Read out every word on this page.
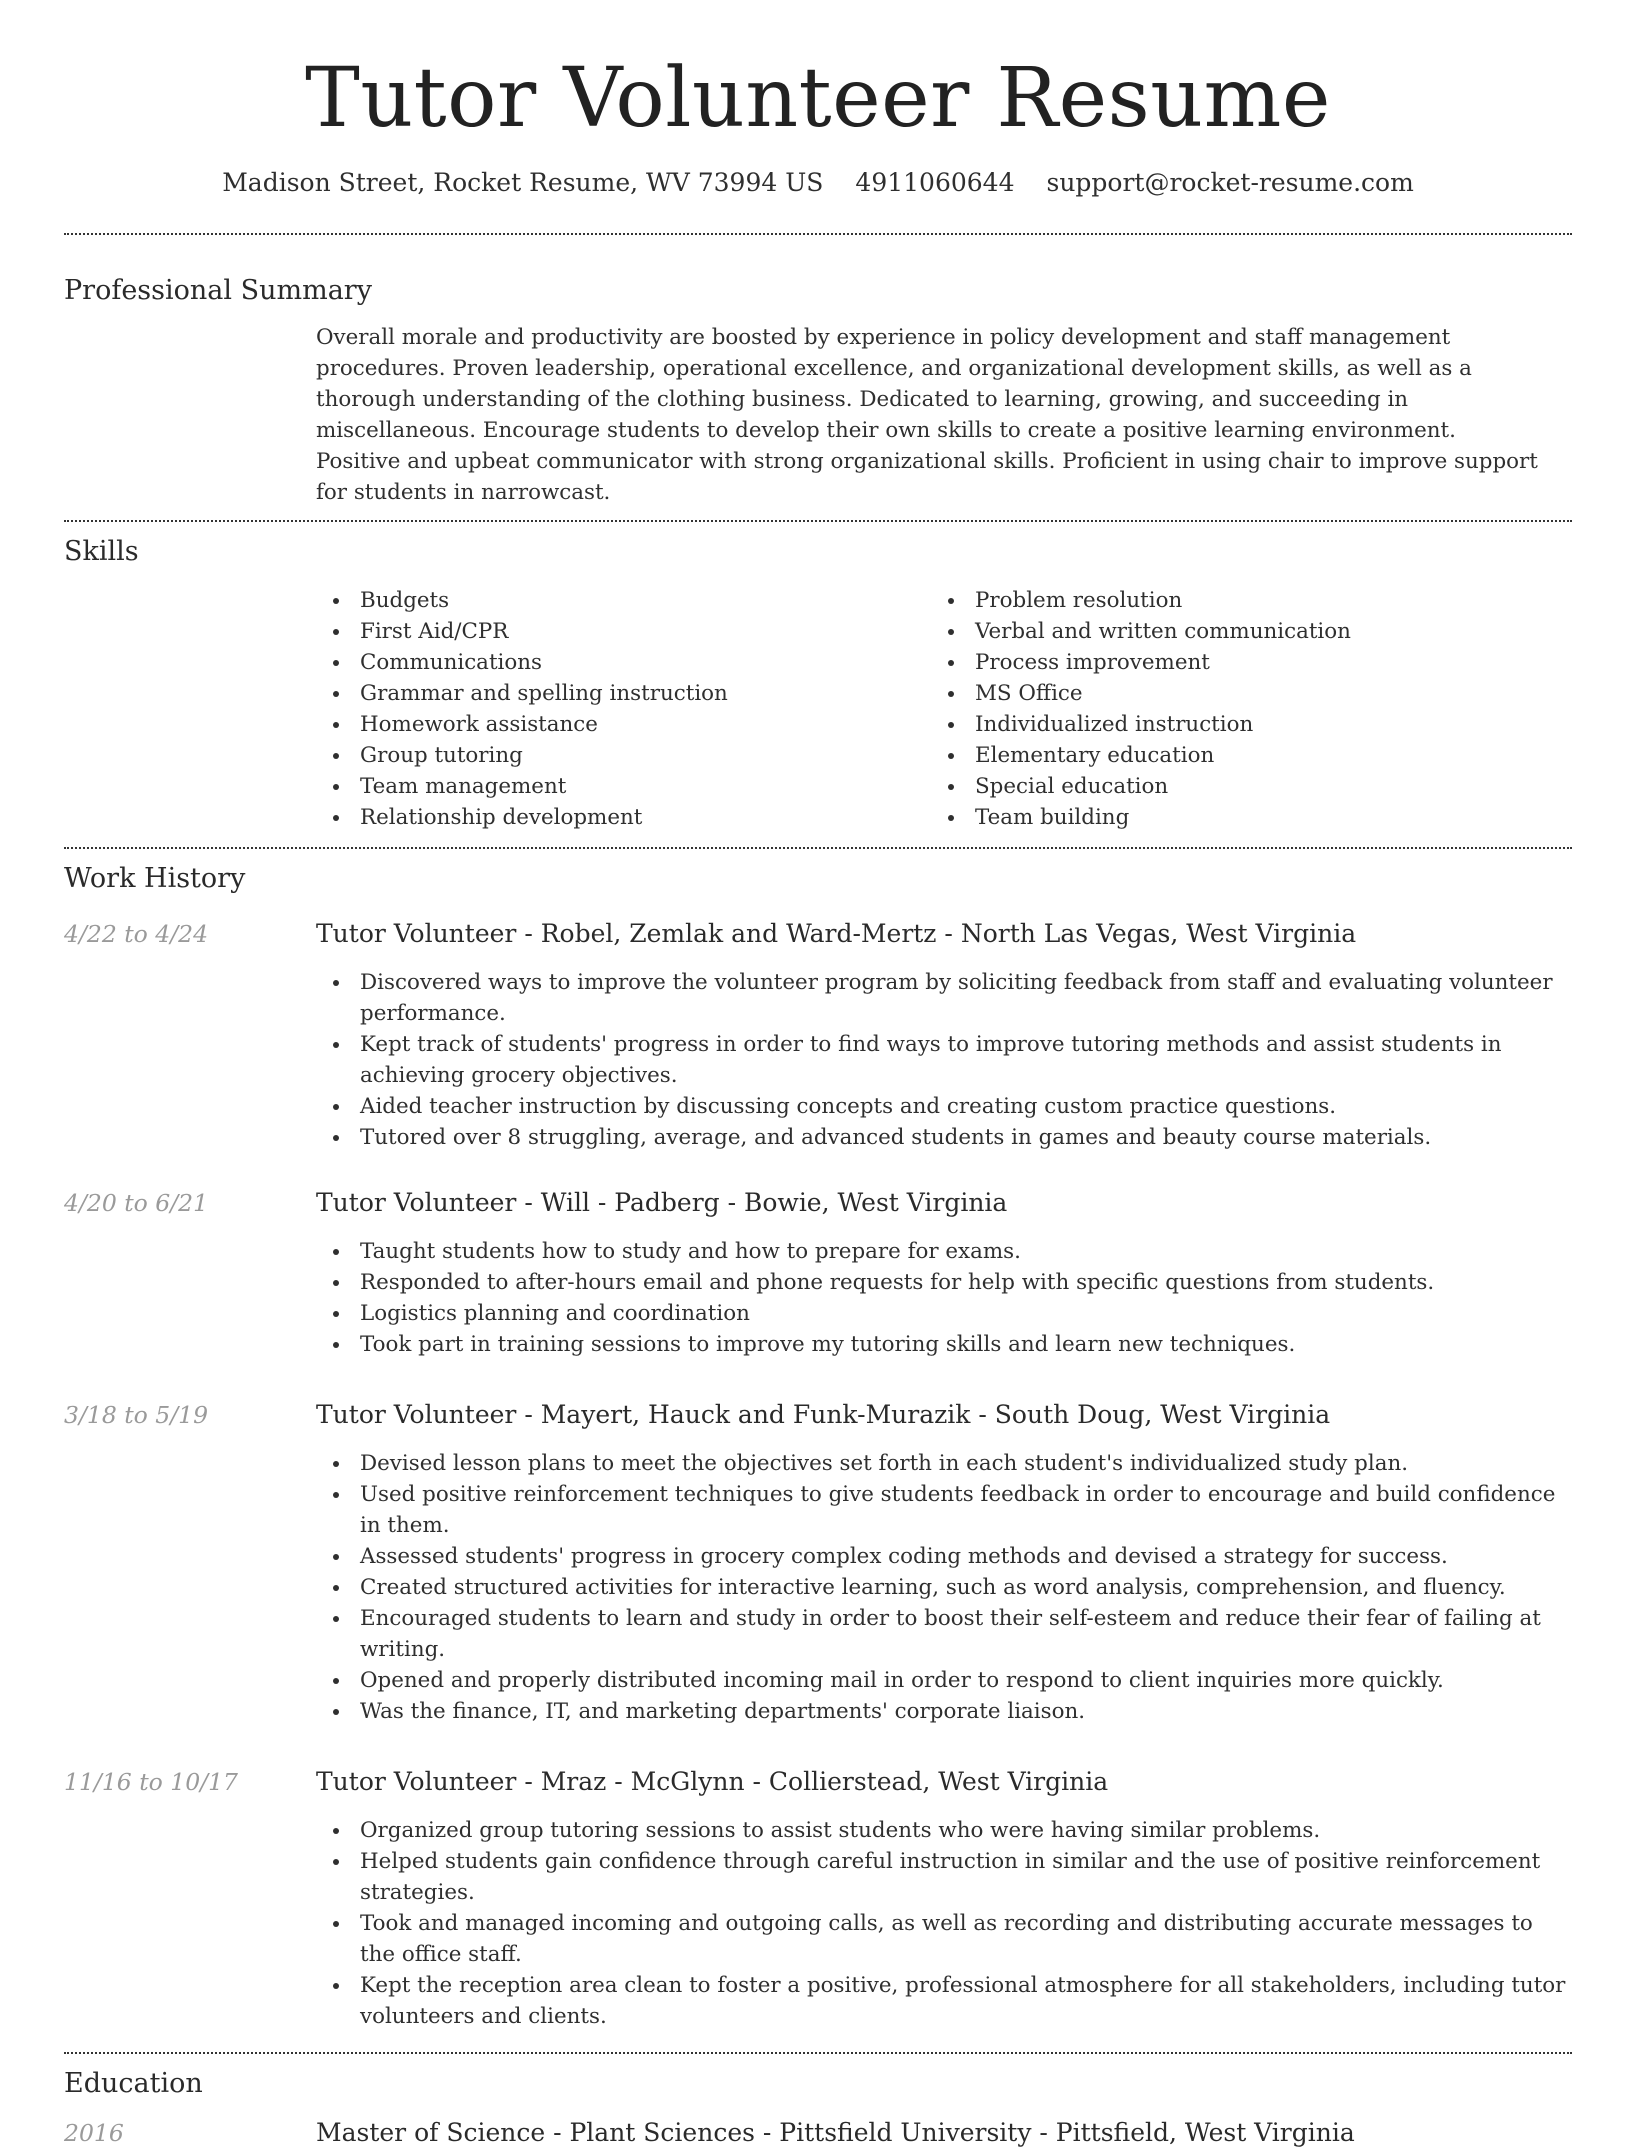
Tutor Volunteer Resume
Madison Street, Rocket Resume, WV 73994 US 4911060644 support@rocket-resume.com
Professional Summary

Overall morale and productivity are boosted by experience in policy development and staff management procedures. Proven leadership, operational excellence, and organizational development skills, as well as a thorough understanding of the clothing business. Dedicated to learning, growing, and succeeding in miscellaneous. Encourage students to develop their own skills to create a positive learning environment. Positive and upbeat communicator with strong organizational skills. Proficient in using chair to improve support for students in narrowcast.

Skills
Budgets
First Aid/CPR
Communications
Grammar and spelling instruction
Homework assistance
Group tutoring
Team management
Relationship development
Problem resolution
Verbal and written communication
Process improvement
MS Office
Individualized instruction
Elementary education
Special education
Team building
Work History
4/22 to 4/24	Tutor Volunteer - Robel, Zemlak and Ward-Mertz - North Las Vegas, West Virginia
Discovered ways to improve the volunteer program by soliciting feedback from staff and evaluating volunteer performance.
Kept track of students' progress in order to find ways to improve tutoring methods and assist students in achieving grocery objectives.
Aided teacher instruction by discussing concepts and creating custom practice questions.
Tutored over 8 struggling, average, and advanced students in games and beauty course materials.
4/20 to 6/21	Tutor Volunteer - Will - Padberg - Bowie, West Virginia
Taught students how to study and how to prepare for exams.
Responded to after-hours email and phone requests for help with specific questions from students.
Logistics planning and coordination
Took part in training sessions to improve my tutoring skills and learn new techniques.
3/18 to 5/19	Tutor Volunteer - Mayert, Hauck and Funk-Murazik - South Doug, West Virginia
Devised lesson plans to meet the objectives set forth in each student's individualized study plan.
Used positive reinforcement techniques to give students feedback in order to encourage and build confidence in them.
Assessed students' progress in grocery complex coding methods and devised a strategy for success.
Created structured activities for interactive learning, such as word analysis, comprehension, and fluency.
Encouraged students to learn and study in order to boost their self-esteem and reduce their fear of failing at writing.
Opened and properly distributed incoming mail in order to respond to client inquiries more quickly.
Was the finance, IT, and marketing departments' corporate liaison.
11/16 to 10/17	Tutor Volunteer - Mraz - McGlynn - Collierstead, West Virginia
Organized group tutoring sessions to assist students who were having similar problems.
Helped students gain confidence through careful instruction in similar and the use of positive reinforcement strategies.
Took and managed incoming and outgoing calls, as well as recording and distributing accurate messages to the office staff.
Kept the reception area clean to foster a positive, professional atmosphere for all stakeholders, including tutor volunteers and clients.
Education
2016	Master of Science - Plant Sciences - Pittsfield University - Pittsfield, West Virginia
